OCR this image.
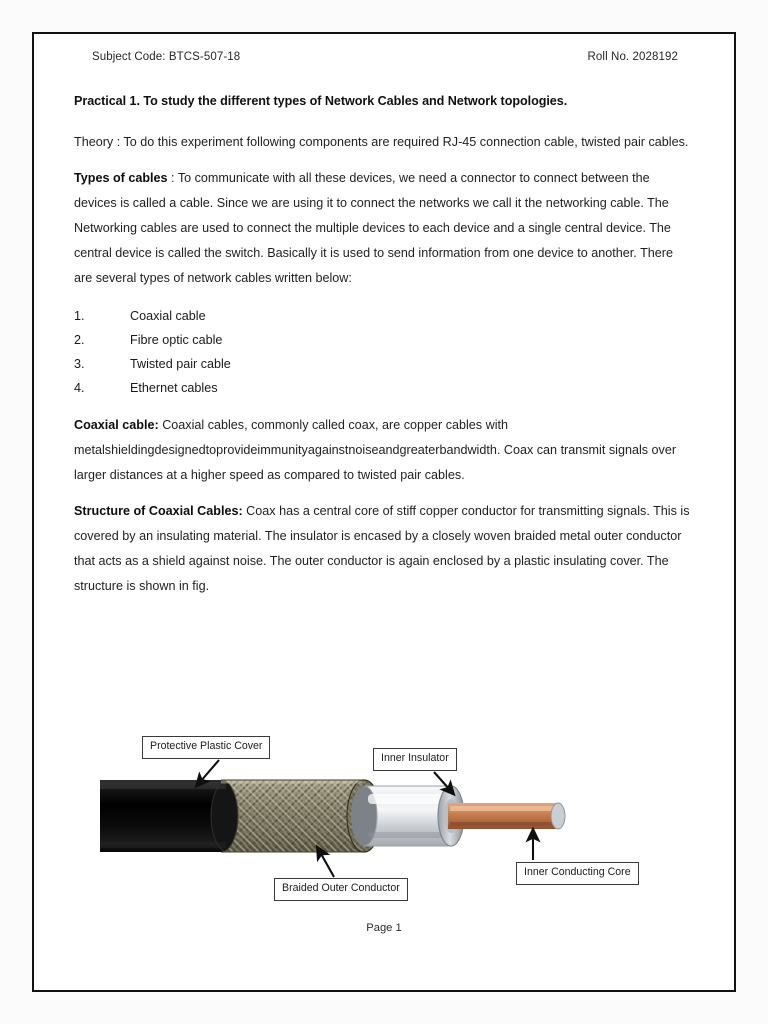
Subject Code: BTCS-507-18	Roll No. 2028192
Practical 1. To study the different types of Network Cables and Network topologies.

Theory : To do this experiment following components are required RJ-45 connection cable, twisted pair cables.

Types of cables : To communicate with all these devices, we need a connector to connect between the devices is called a cable. Since we are using it to connect the networks we call it the networking cable. The Networking cables are used to connect the multiple devices to each device and a single central device. The central device is called the switch. Basically it is used to send information from one device to another. There are several types of network cables written below:

1.	Coaxial cable
2.	Fibre optic cable
3.	Twisted pair cable
4.	Ethernet cables

Coaxial cable: Coaxial cables, commonly called coax, are copper cables with metalshieldingdesignedtoprovideimmunityagainstnoiseandgreaterbandwidth. Coax can transmit signals over larger distances at a higher speed as compared to twisted pair cables.

Structure of Coaxial Cables: Coax has a central core of stiff copper conductor for transmitting signals. This is covered by an insulating material. The insulator is encased by a closely woven braided metal outer conductor that acts as a shield against noise. The outer conductor is again enclosed by a plastic insulating cover. The structure is shown in fig.

Protective Plastic Cover
Inner Insulator
Braided Outer Conductor
Inner Conducting Core
Page 1
